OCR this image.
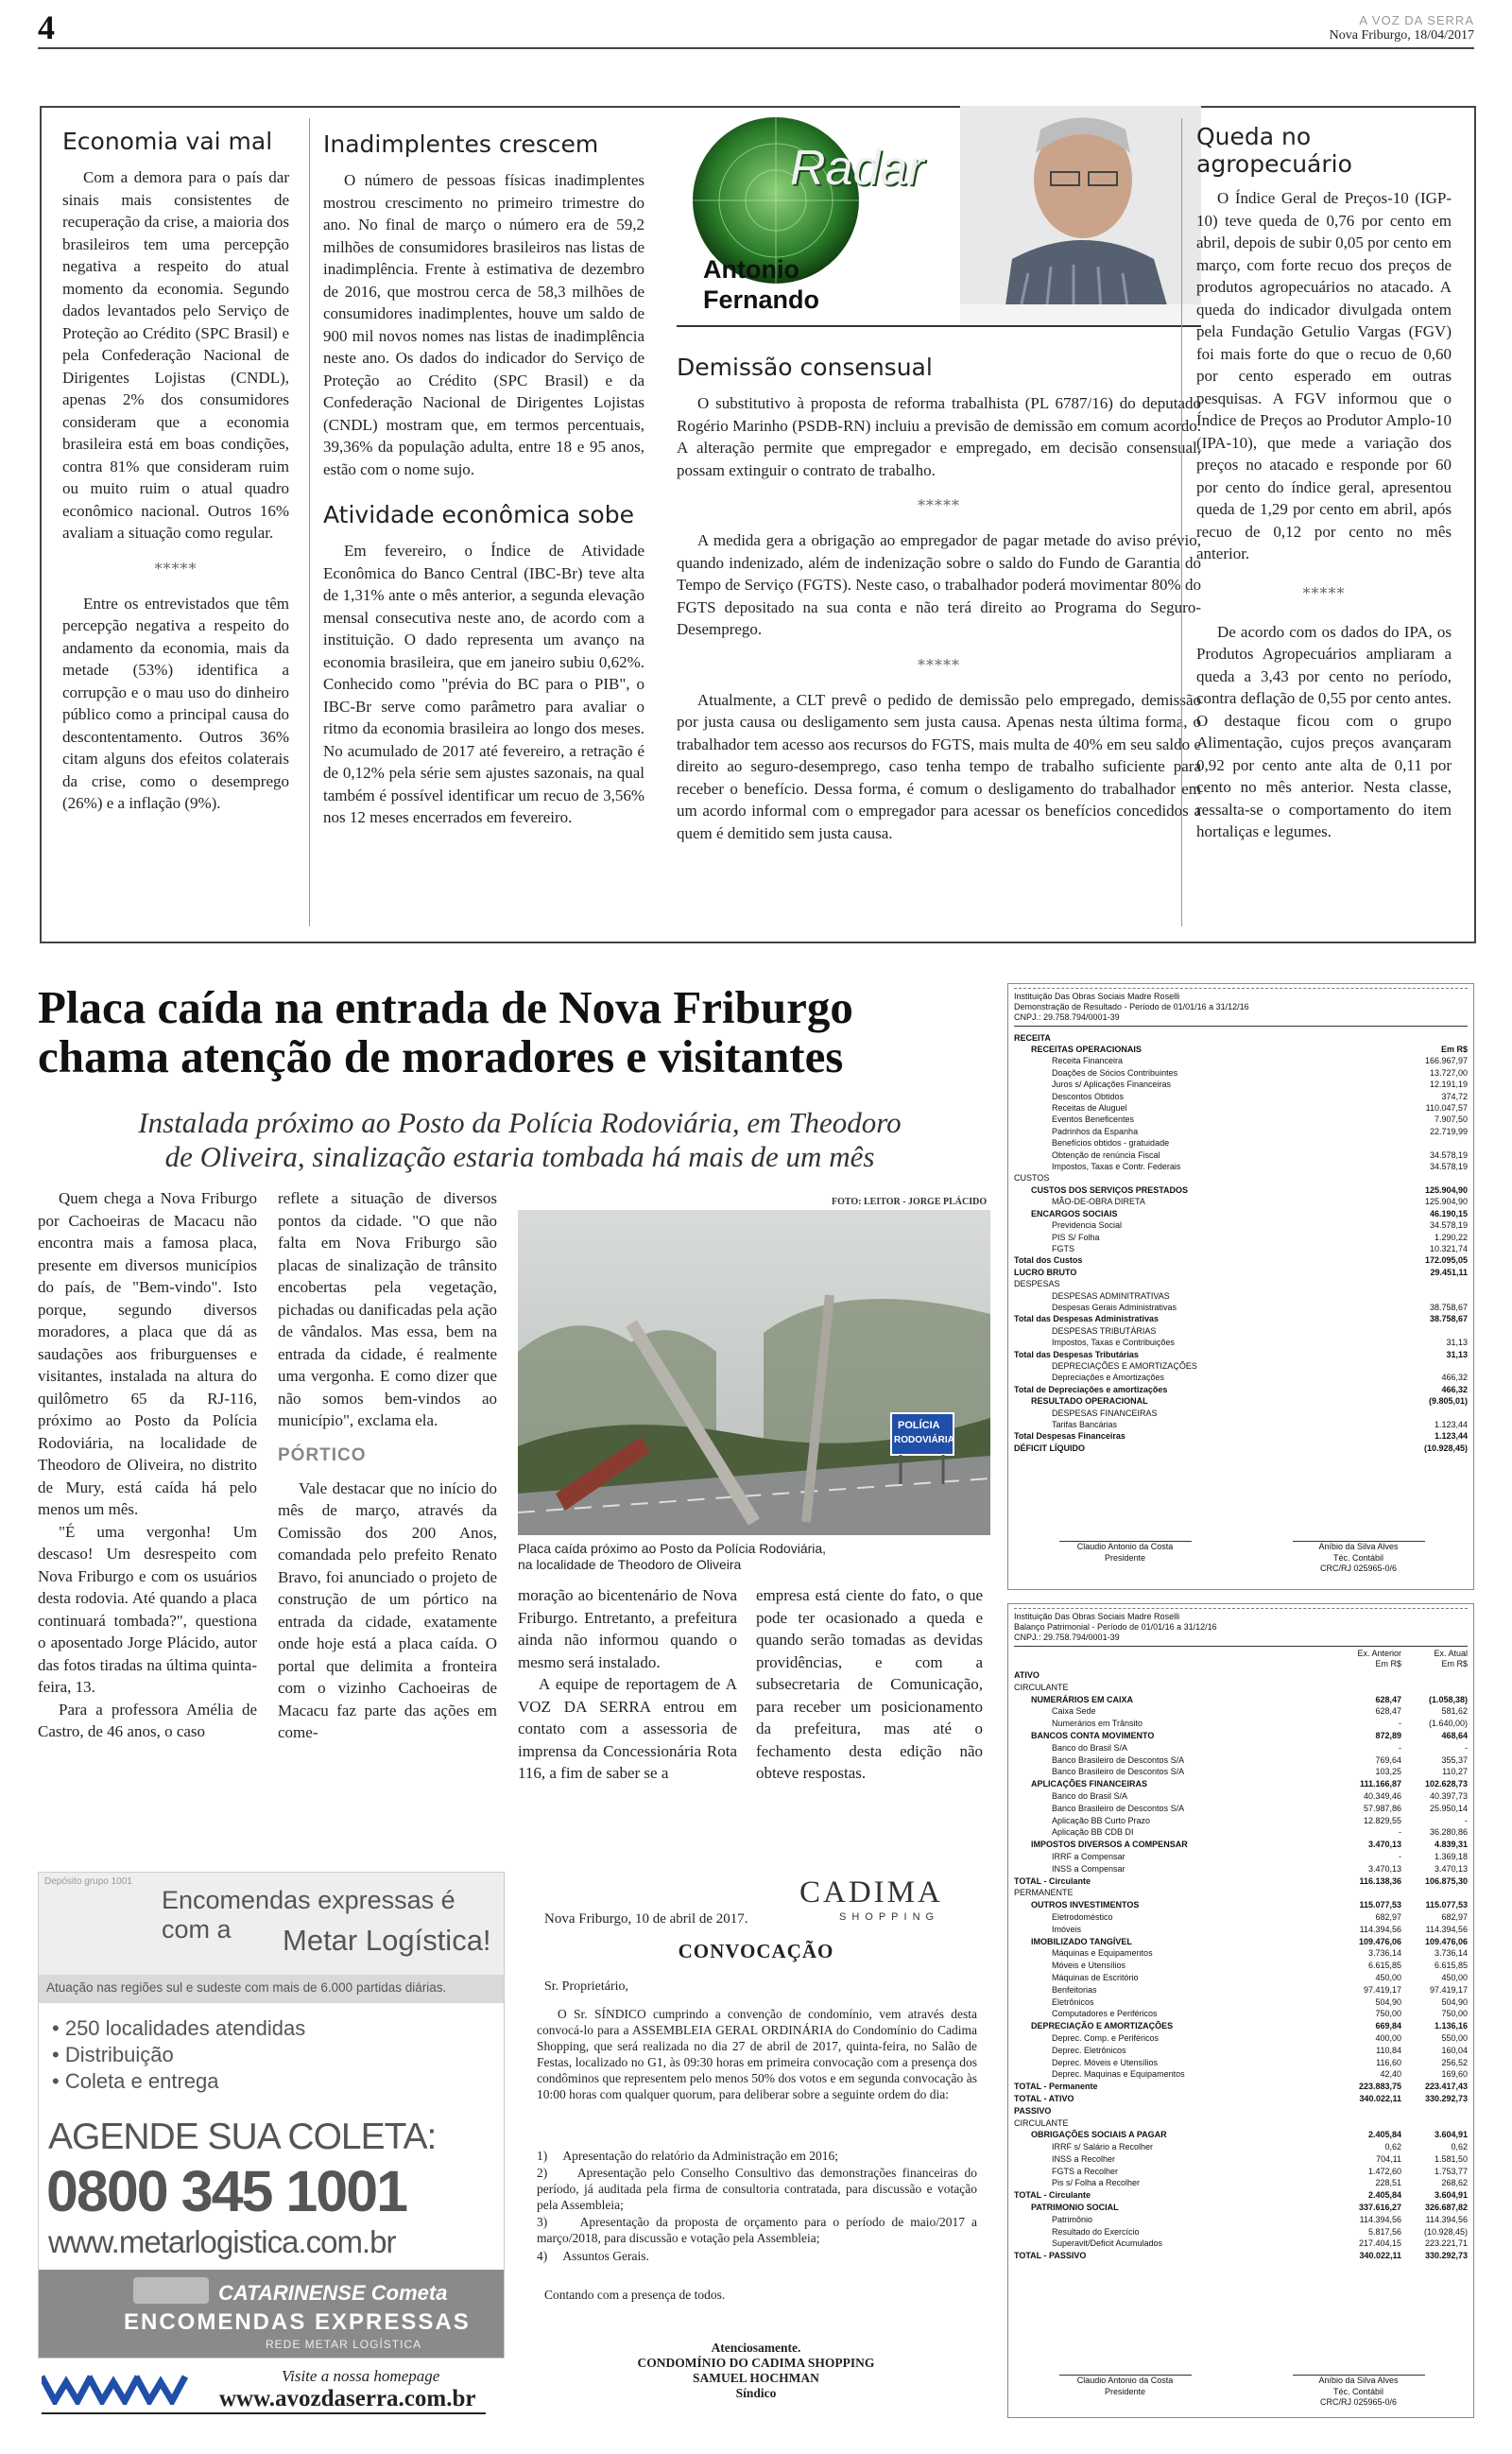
4	A VOZ DA SERRA
Nova Friburgo, 18/04/2017
Economia vai mal

Com a demora para o país dar sinais mais consistentes de recuperação da crise, a maioria dos brasileiros tem uma percepção negativa a respeito do atual momento da economia. Segundo dados levantados pelo Serviço de Proteção ao Crédito (SPC Brasil) e pela Confederação Nacional de Dirigentes Lojistas (CNDL), apenas 2% dos consumidores consideram que a economia brasileira está em boas condições, contra 81% que consideram ruim ou muito ruim o atual quadro econômico nacional. Outros 16% avaliam a situação como regular.

*****

Entre os entrevistados que têm percepção negativa a respeito do andamento da economia, mais da metade (53%) identifica a corrupção e o mau uso do dinheiro público como a principal causa do descontentamento. Outros 36% citam alguns dos efeitos colaterais da crise, como o desemprego (26%) e a inflação (9%).

Inadimplentes crescem

O número de pessoas físicas inadimplentes mostrou crescimento no primeiro trimestre do ano. No final de março o número era de 59,2 milhões de consumidores brasileiros nas listas de inadimplência. Frente à estimativa de dezembro de 2016, que mostrou cerca de 58,3 milhões de consumidores inadimplentes, houve um saldo de 900 mil novos nomes nas listas de inadimplência neste ano. Os dados do indicador do Serviço de Proteção ao Crédito (SPC Brasil) e da Confederação Nacional de Dirigentes Lojistas (CNDL) mostram que, em termos percentuais, 39,36% da população adulta, entre 18 e 95 anos, estão com o nome sujo.

Atividade econômica sobe

Em fevereiro, o Índice de Atividade Econômica do Banco Central (IBC-Br) teve alta de 1,31% ante o mês anterior, a segunda elevação mensal consecutiva neste ano, de acordo com a instituição. O dado representa um avanço na economia brasileira, que em janeiro subiu 0,62%. Conhecido como "prévia do BC para o PIB", o IBC-Br serve como parâmetro para avaliar o ritmo da economia brasileira ao longo dos meses. No acumulado de 2017 até fevereiro, a retração é de 0,12% pela série sem ajustes sazonais, na qual também é possível identificar um recuo de 3,56% nos 12 meses encerrados em fevereiro.

Radar
Antonio
Fernando
Demissão consensual

O substitutivo à proposta de reforma trabalhista (PL 6787/16) do deputado Rogério Marinho (PSDB-RN) incluiu a previsão de demissão em comum acordo. A alteração permite que empregador e empregado, em decisão consensual, possam extinguir o contrato de trabalho.

*****

A medida gera a obrigação ao empregador de pagar metade do aviso prévio, quando indenizado, além de indenização sobre o saldo do Fundo de Garantia do Tempo de Serviço (FGTS). Neste caso, o trabalhador poderá movimentar 80% do FGTS depositado na sua conta e não terá direito ao Programa do Seguro-Desemprego.

*****

Atualmente, a CLT prevê o pedido de demissão pelo empregado, demissão por justa causa ou desligamento sem justa causa. Apenas nesta última forma, o trabalhador tem acesso aos recursos do FGTS, mais multa de 40% em seu saldo e direito ao seguro-desemprego, caso tenha tempo de trabalho suficiente para receber o benefício. Dessa forma, é comum o desligamento do trabalhador em um acordo informal com o empregador para acessar os benefícios concedidos a quem é demitido sem justa causa.

Queda no agropecuário

O Índice Geral de Preços-10 (IGP-10) teve queda de 0,76 por cento em abril, depois de subir 0,05 por cento em março, com forte recuo dos preços de produtos agropecuários no atacado. A queda do indicador divulgada ontem pela Fundação Getulio Vargas (FGV) foi mais forte do que o recuo de 0,60 por cento esperado em outras pesquisas. A FGV informou que o Índice de Preços ao Produtor Amplo-10 (IPA-10), que mede a variação dos preços no atacado e responde por 60 por cento do índice geral, apresentou queda de 1,29 por cento em abril, após recuo de 0,12 por cento no mês anterior.

*****

De acordo com os dados do IPA, os Produtos Agropecuários ampliaram a queda a 3,43 por cento no período, contra deflação de 0,55 por cento antes. O destaque ficou com o grupo Alimentação, cujos preços avançaram 0,92 por cento ante alta de 0,11 por cento no mês anterior. Nesta classe, ressalta-se o comportamento do item hortaliças e legumes.

Placa caída na entrada de Nova Friburgo
chama atenção de moradores e visitantes
Instalada próximo ao Posto da Polícia Rodoviária, em Theodoro
de Oliveira, sinalização estaria tombada há mais de um mês
FOTO: LEITOR - JORGE PLÁCIDO
POLÍCIA
RODOVIÁRIA
Placa caída próximo ao Posto da Polícia Rodoviária, na localidade de Theodoro de Oliveira

Quem chega a Nova Friburgo por Cachoeiras de Macacu não encontra mais a famosa placa, presente em diversos municípios do país, de "Bem-vindo". Isto porque, segundo diversos moradores, a placa que dá as saudações aos friburguenses e visitantes, instalada na altura do quilômetro 65 da RJ-116, próximo ao Posto da Polícia Rodoviária, na localidade de Theodoro de Oliveira, no distrito de Mury, está caída há pelo menos um mês.

"É uma vergonha! Um descaso! Um desrespeito com Nova Friburgo e com os usuários desta rodovia. Até quando a placa continuará tombada?", questiona o aposentado Jorge Plácido, autor das fotos tiradas na última quinta-feira, 13.

Para a professora Amélia de Castro, de 46 anos, o caso

reflete a situação de diversos pontos da cidade. "O que não falta em Nova Friburgo são placas de sinalização de trânsito encobertas pela vegetação, pichadas ou danificadas pela ação de vândalos. Mas essa, bem na entrada da cidade, é realmente uma vergonha. E como dizer que não somos bem-vindos ao município", exclama ela.

PÓRTICO

Vale destacar que no início do mês de março, através da Comissão dos 200 Anos, comandada pelo prefeito Renato Bravo, foi anunciado o projeto de construção de um pórtico na entrada da cidade, exatamente onde hoje está a placa caída. O portal que delimita a fronteira com o vizinho Cachoeiras de Macacu faz parte das ações em come-

moração ao bicentenário de Nova Friburgo. Entretanto, a prefeitura ainda não informou quando o mesmo será instalado.

A equipe de reportagem de A VOZ DA SERRA entrou em contato com a assessoria de imprensa da Concessionária Rota 116, a fim de saber se a

empresa está ciente do fato, o que pode ter ocasionado a queda e quando serão tomadas as devidas providências, e com a subsecretaria de Comunicação, para receber um posicionamento da prefeitura, mas até o fechamento desta edição não obteve respostas.

Depósito grupo 1001
Encomendas expressas é com a	Metar Logística!
Atuação nas regiões sul e sudeste com mais de 6.000 partidas diárias.
• 250 localidades atendidas
• Distribuição
• Coleta e entrega
AGENDE SUA COLETA:
0800 345 1001
www.metarlogistica.com.br
CATARINENSE Cometa
ENCOMENDAS EXPRESSAS
REDE METAR LOGÍSTICA
Visite a nossa homepage
www.avozdaserra.com.br
CADIMA
SHOPPING
Nova Friburgo, 10 de abril de 2017.
CONVOCAÇÃO
Sr. Proprietário,
O Sr. SÍNDICO cumprindo a convenção de condomínio, vem através desta convocá-lo para a ASSEMBLEIA GERAL ORDINÁRIA do Condomínio do Cadima Shopping, que será realizada no dia 27 de abril de 2017, quinta-feira, no Salão de Festas, localizado no G1, às 09:30 horas em primeira convocação com a presença dos condôminos que representem pelo menos 50% dos votos e em segunda convocação às 10:00 horas com qualquer quorum, para deliberar sobre a seguinte ordem do dia:
1)     Apresentação do relatório da Administração em 2016;
2)     Apresentação pelo Conselho Consultivo das demonstrações financeiras do período, já auditada pela firma de consultoria contratada, para discussão e votação pela Assembleia;
3)     Apresentação da proposta de orçamento para o período de maio/2017 a março/2018, para discussão e votação pela Assembleia;
4)     Assuntos Gerais.
Contando com a presença de todos.
Atenciosamente.
CONDOMÍNIO DO CADIMA SHOPPING
SAMUEL HOCHMAN
Síndico
Instituição Das Obras Sociais Madre Roselli
Demonstração de Resultado - Período de 01/01/16 a 31/12/16
CNPJ.: 29.758.794/0001-39
RECEITA
RECEITAS OPERACIONAIS	Em R$
Receita Financeira	166.967,97
Doações de Sócios Contribuintes	13.727,00
Juros s/ Aplicações Financeiras	12.191,19
Descontos Obtidos	374,72
Receitas de Aluguel	110.047,57
Eventos Beneficentes	7.907,50
Padrinhos da Espanha	22.719,99
Benefícios obtidos - gratuidade
Obtenção de renúncia Fiscal	34.578,19
Impostos, Taxas e Contr. Federais	34.578,19
CUSTOS
CUSTOS DOS SERVIÇOS PRESTADOS	125.904,90
MÃO-DE-OBRA DIRETA	125.904,90
ENCARGOS SOCIAIS	46.190,15
Previdencia Social	34.578,19
PIS S/ Folha	1.290,22
FGTS	10.321,74
Total dos Custos	172.095,05
LUCRO BRUTO	29.451,11
DESPESAS
DESPESAS ADMINITRATIVAS
Despesas Gerais Administrativas	38.758,67
Total das Despesas Administrativas	38.758,67
DESPESAS TRIBUTÁRIAS
Impostos, Taxas e Contribuições	31,13
Total das Despesas Tributárias	31,13
DEPRECIAÇÕES E AMORTIZAÇÕES
Depreciações e Amortizações	466,32
Total de Depreciações e amortizações	466,32
RESULTADO OPERACIONAL	(9.805,01)
DESPESAS FINANCEIRAS
Tarifas Bancárias	1.123,44
Total Despesas Financeiras	1.123,44
DÉFICIT LÍQUIDO	(10.928,45)
Claudio Antonio da Costa
Presidente
Aníbio da Silva Alves
Téc. Contábil
CRC/RJ 025965-0/6
Instituição Das Obras Sociais Madre Roselli
Balanço Patrimonial - Período de 01/01/16 a 31/12/16
CNPJ.: 29.758.794/0001-39
Ex. Anterior	Ex. Atual
Em R$	Em R$
ATIVO
CIRCULANTE
NUMERÁRIOS EM CAIXA	628,47	(1.058,38)
Caixa Sede	628,47	581,62
Numerários em Trânsito	-	(1.640,00)
BANCOS CONTA MOVIMENTO	872,89	468,64
Banco do Brasil S/A	-	-
Banco Brasileiro de Descontos S/A	769,64	355,37
Banco Brasileiro de Descontos S/A	103,25	110,27
APLICAÇÕES FINANCEIRAS	111.166,87	102.628,73
Banco do Brasil S/A	40.349,46	40.397,73
Banco Brasileiro de Descontos S/A	57.987,86	25.950,14
Aplicação BB Curto Prazo	12.829,55	-
Aplicação BB CDB DI	-	36.280,86
IMPOSTOS DIVERSOS A COMPENSAR	3.470,13	4.839,31
IRRF a Compensar	-	1.369,18
INSS a Compensar	3.470,13	3.470,13
TOTAL - Circulante	116.138,36	106.875,30
PERMANENTE
OUTROS INVESTIMENTOS	115.077,53	115.077,53
Eletrodoméstico	682,97	682,97
Imóveis	114.394,56	114.394,56
IMOBILIZADO TANGÍVEL	109.476,06	109.476,06
Máquinas e Equipamentos	3.736,14	3.736,14
Móveis e Utensílios	6.615,85	6.615,85
Máquinas de Escritório	450,00	450,00
Benfeitorias	97.419,17	97.419,17
Eletrônicos	504,90	504,90
Computadores e Periféricos	750,00	750,00
DEPRECIAÇÃO E AMORTIZAÇÕES	669,84	1.136,16
Deprec. Comp. e Periféricos	400,00	550,00
Deprec. Eletrônicos	110,84	160,04
Deprec. Móveis e Utensílios	116,60	256,52
Deprec. Maquinas e Equipamentos	42,40	169,60
TOTAL - Permanente	223.883,75	223.417,43
TOTAL - ATIVO	340.022,11	330.292,73
PASSIVO
CIRCULANTE
OBRIGAÇÕES SOCIAIS A PAGAR	2.405,84	3.604,91
IRRF s/ Salário a Recolher	0,62	0,62
INSS a Recolher	704,11	1.581,50
FGTS a Recolher	1.472,60	1.753,77
Pis s/ Folha a Recolher	228,51	268,62
TOTAL - Circulante	2.405,84	3.604,91
PATRIMONIO SOCIAL	337.616,27	326.687,82
Patrimônio	114.394,56	114.394,56
Resultado do Exercício	5.817,56	(10.928,45)
Superavit/Deficit Acumulados	217.404,15	223.221,71
TOTAL - PASSIVO	340.022,11	330.292,73
Claudio Antonio da Costa
Presidente
Aníbio da Silva Alves
Téc. Contábil
CRC/RJ 025965-0/6
